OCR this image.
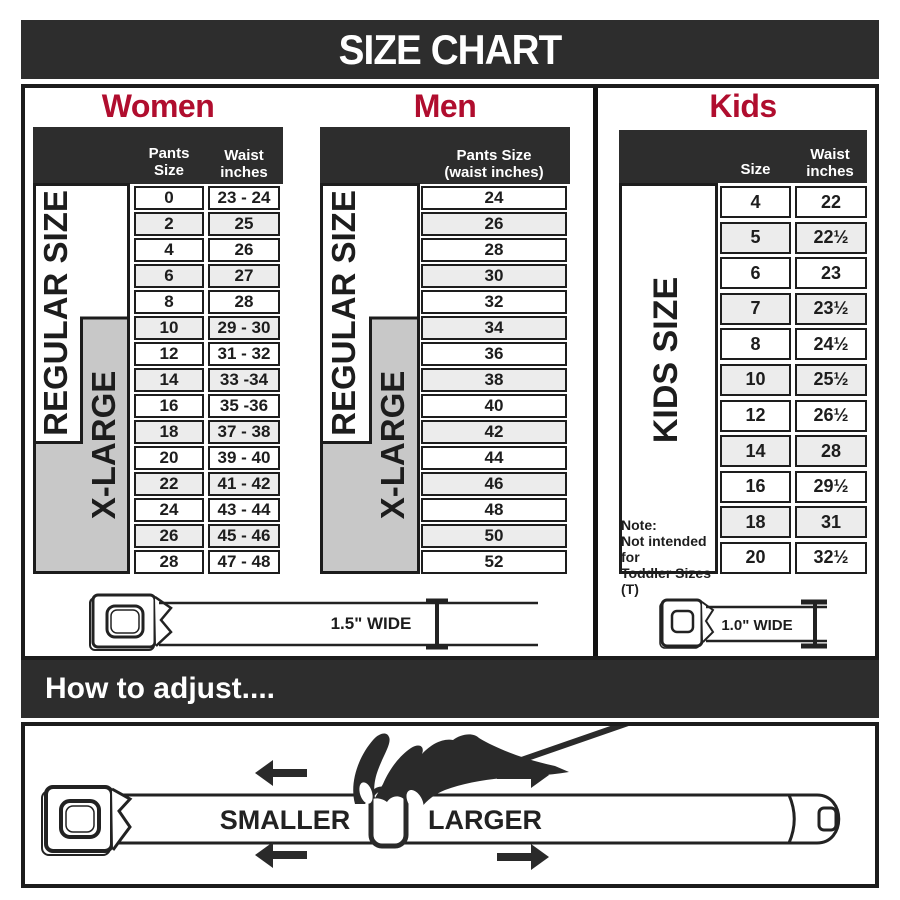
SIZE CHART
Women	Men	Kids
Pants Size
Waist
inches
REGULAR SIZE
X-LARGE
0	23 - 24
2	25
4	26
6	27
8	28
10	29 - 30
12	31 - 32
14	33 -34
16	35 -36
18	37 - 38
20	39 - 40
22	41 - 42
24	43 - 44
26	45 - 46
28	47 - 48
Pants Size
(waist inches)
REGULAR SIZE
X-LARGE
24
26
28
30
32
34
36
38
40
42
44
46
48
50
52
Size
Waist
inches
KIDS SIZE
Note:
Not intended for
Toddler Sizes (T)
4	22
5	22½
6	23
7	23½
8	24½
10	25½
12	26½
14	28
16	29½
18	31
20	32½
1.5" WIDE	1.0" WIDE
How to adjust....
SMALLER	LARGER
